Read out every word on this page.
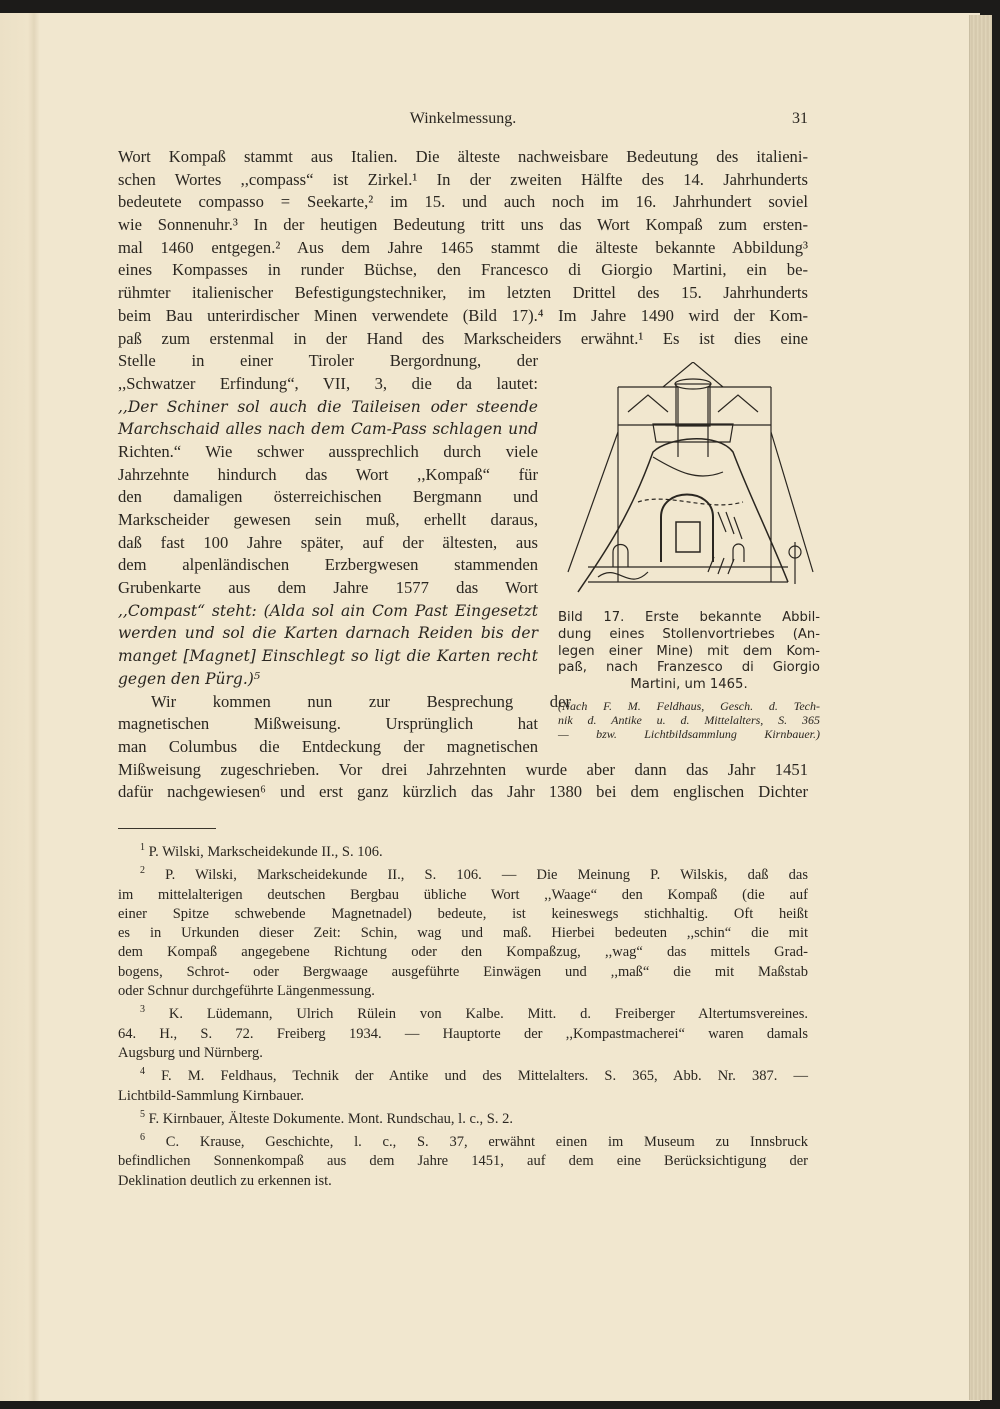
Winkelmessung.	31
Wort Kompaß stammt aus Italien. Die älteste nachweisbare Bedeutung des italieni-
schen Wortes ,,compass“ ist Zirkel.¹ In der zweiten Hälfte des 14. Jahrhunderts
bedeutete compasso = Seekarte,² im 15. und auch noch im 16. Jahrhundert soviel
wie Sonnenuhr.³ In der heutigen Bedeutung tritt uns das Wort Kompaß zum ersten-
mal 1460 entgegen.² Aus dem Jahre 1465 stammt die älteste bekannte Abbildung³
eines Kompasses in runder Büchse, den Francesco di Giorgio Martini, ein be-
rühmter italienischer Befestigungstechniker, im letzten Drittel des 15. Jahrhunderts
beim Bau unterirdischer Minen verwendete (Bild 17).⁴ Im Jahre 1490 wird der Kom-
paß zum erstenmal in der Hand des Markscheiders erwähnt.¹ Es ist dies eine
Stelle in einer Tiroler Bergordnung, der
,,Schwatzer Erfindung“, VII, 3, die da lautet:
,,Der Schiner sol auch die Taileisen oder steende
Marchschaid alles nach dem Cam-Pass schlagen und
Richten.“ Wie schwer aussprechlich durch viele
Jahrzehnte hindurch das Wort ,,Kompaß“ für
den damaligen österreichischen Bergmann und
Markscheider gewesen sein muß, erhellt daraus,
daß fast 100 Jahre später, auf der ältesten, aus
dem alpenländischen Erzbergwesen stammenden
Grubenkarte aus dem Jahre 1577 das Wort
,,Compast“ steht: (Alda sol ain Com Past Eingesetzt
werden und sol die Karten darnach Reiden bis der
manget [Magnet] Einschlegt so ligt die Karten recht
gegen den Pürg.)⁵
Wir kommen nun zur Besprechung der
magnetischen Mißweisung. Ursprünglich hat
man Columbus die Entdeckung der magnetischen
Mißweisung zugeschrieben. Vor drei Jahrzehnten wurde aber dann das Jahr 1451
dafür nachgewiesen⁶ und erst ganz kürzlich das Jahr 1380 bei dem englischen Dichter
Bild 17. Erste bekannte Abbil-
dung eines Stollenvortriebes (An-
legen einer Mine) mit dem Kom-
paß, nach Franzesco di Giorgio
Martini, um 1465.
(Nach F. M. Feldhaus, Gesch. d. Tech-
nik d. Antike u. d. Mittelalters, S. 365
— bzw. Lichtbildsammlung Kirnbauer.)
$^1$ P. Wilski, Markscheidekunde II., S. 106.
$^2$ P. Wilski, Markscheidekunde II., S. 106. — Die Meinung P. Wilskis, daß das
im mittelalterigen deutschen Bergbau übliche Wort ,,Waage“ den Kompaß (die auf
einer Spitze schwebende Magnetnadel) bedeute, ist keineswegs stichhaltig. Oft heißt
es in Urkunden dieser Zeit: Schin, wag und maß. Hierbei bedeuten ,,schin“ die mit
dem Kompaß angegebene Richtung oder den Kompaßzug, ,,wag“ das mittels Grad-
bogens, Schrot- oder Bergwaage ausgeführte Einwägen und ,,maß“ die mit Maßstab
oder Schnur durchgeführte Längenmessung.
$^3$ K. Lüdemann, Ulrich Rülein von Kalbe. Mitt. d. Freiberger Altertumsvereines.
64. H., S. 72. Freiberg 1934. — Hauptorte der ,,Kompastmacherei“ waren damals
Augsburg und Nürnberg.
$^4$ F. M. Feldhaus, Technik der Antike und des Mittelalters. S. 365, Abb. Nr. 387. —
Lichtbild-Sammlung Kirnbauer.
$^5$ F. Kirnbauer, Älteste Dokumente. Mont. Rundschau, l. c., S. 2.
$^6$ C. Krause, Geschichte, l. c., S. 37, erwähnt einen im Museum zu Innsbruck
befindlichen Sonnenkompaß aus dem Jahre 1451, auf dem eine Berücksichtigung der
Deklination deutlich zu erkennen ist.
